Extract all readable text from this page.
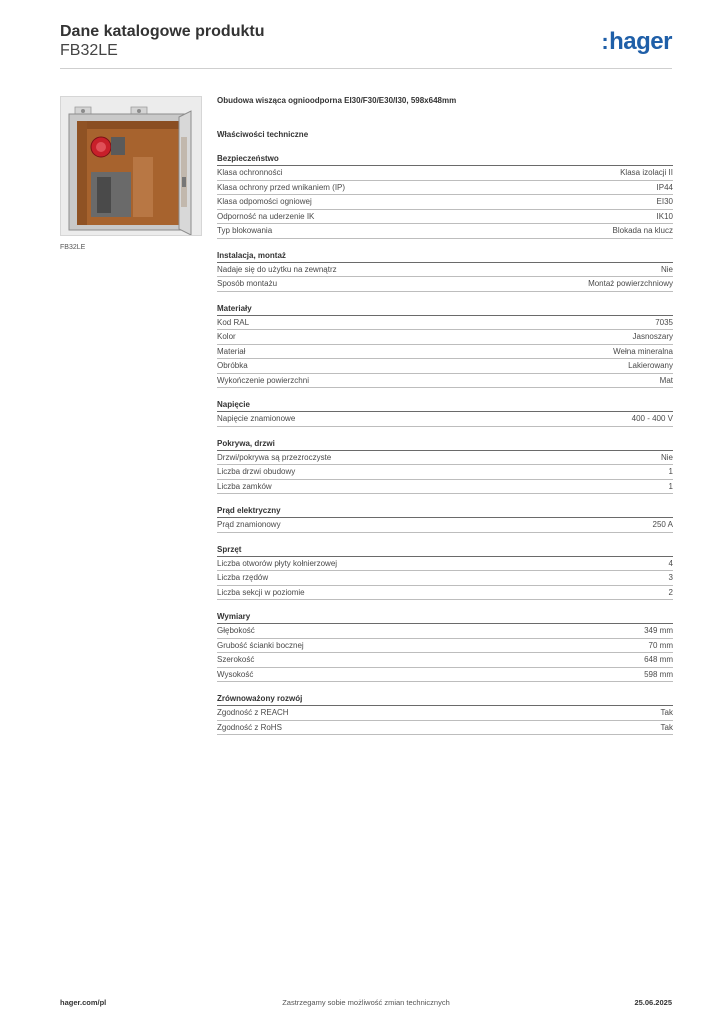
Dane katalogowe produktu
FB32LE	:hager
FB32LE
Obudowa wisząca ognioodporna EI30/F30/E30/I30, 598x648mm
Właściwości techniczne
Bezpieczeństwo
Klasa ochronności	Klasa izolacji II
Klasa ochrony przed wnikaniem (IP)	IP44
Klasa odpomości ogniowej	EI30
Odporność na uderzenie IK	IK10
Typ blokowania	Blokada na klucz
Instalacja, montaż
Nadaje się do użytku na zewnątrz	Nie
Sposób montażu	Montaż powierzchniowy
Materiały
Kod RAL	7035
Kolor	Jasnoszary
Materiał	Wełna mineralna
Obróbka	Lakierowany
Wykończenie powierzchni	Mat
Napięcie
Napięcie znamionowe	400 - 400 V
Pokrywa, drzwi
Drzwi/pokrywa są przezroczyste	Nie
Liczba drzwi obudowy	1
Liczba zamków	1
Prąd elektryczny
Prąd znamionowy	250 A
Sprzęt
Liczba otworów płyty kołnierzowej	4
Liczba rzędów	3
Liczba sekcji w poziomie	2
Wymiary
Głębokość	349 mm
Grubość ścianki bocznej	70 mm
Szerokość	648 mm
Wysokość	598 mm
Zrównoważony rozwój
Zgodność z REACH	Tak
Zgodność z RoHS	Tak
Zastrzegamy sobie możliwość zmian technicznych
hager.com/pl	25.06.2025
